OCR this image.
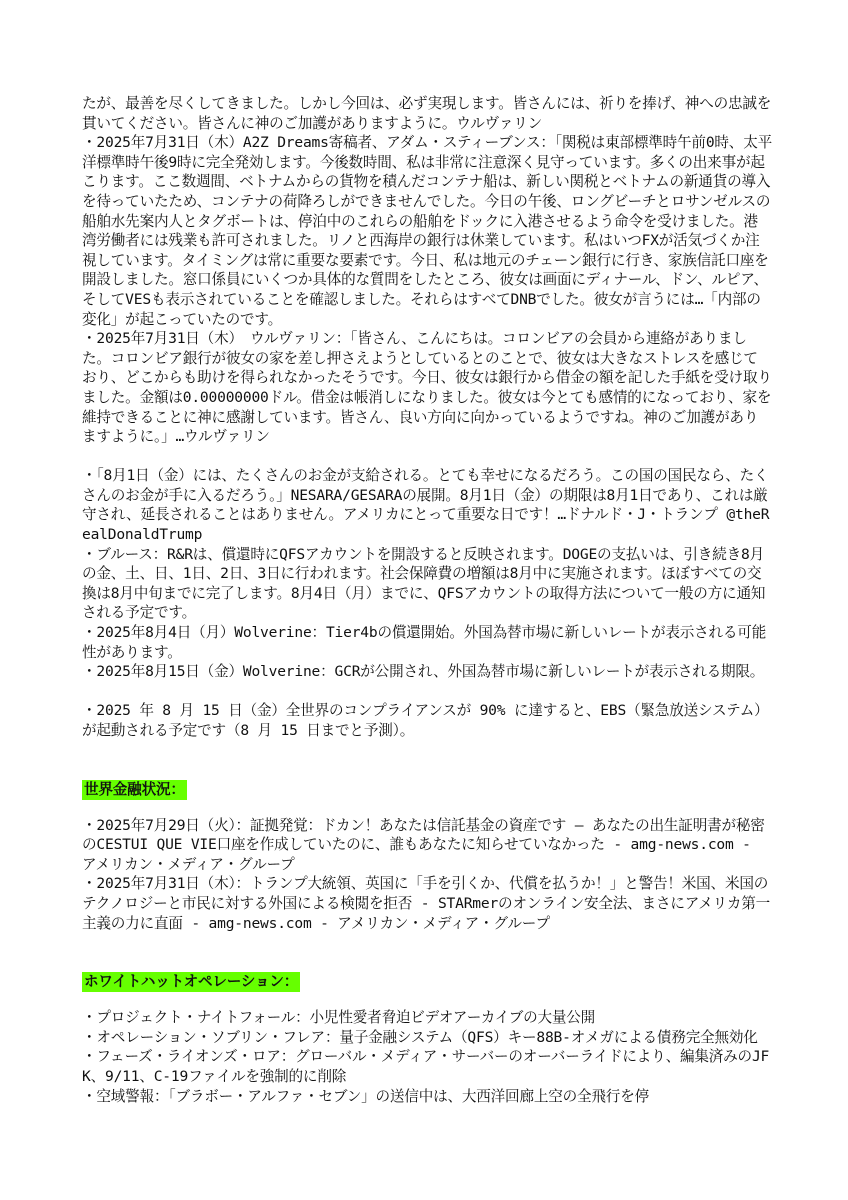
たが、最善を尽くしてきました。しかし今回は、必ず実現します。皆さんには、祈りを捧げ、神への忠誠を貫いてください。皆さんに神のご加護がありますように。ウルヴァリン

・2025年7月31日（木）A2Z Dreams寄稿者、アダム・スティーブンス：「関税は東部標準時午前0時、太平洋標準時午後9時に完全発効します。今後数時間、私は非常に注意深く見守っています。多くの出来事が起こります。ここ数週間、ベトナムからの貨物を積んだコンテナ船は、新しい関税とベトナムの新通貨の導入を待っていたため、コンテナの荷降ろしができませんでした。今日の午後、ロングビーチとロサンゼルスの船舶水先案内人とタグボートは、停泊中のこれらの船舶をドックに入港させるよう命令を受けました。港湾労働者には残業も許可されました。リノと西海岸の銀行は休業しています。私はいつFXが活気づくか注視しています。タイミングは常に重要な要素です。今日、私は地元のチェーン銀行に行き、家族信託口座を開設しました。窓口係員にいくつか具体的な質問をしたところ、彼女は画面にディナール、ドン、ルピア、そしてVESも表示されていることを確認しました。それらはすべてDNBでした。彼女が言うには…「内部の変化」が起こっていたのです。

・2025年7月31日（木）　ウルヴァリン：「皆さん、こんにちは。コロンビアの会員から連絡がありました。コロンビア銀行が彼女の家を差し押さえようとしているとのことで、彼女は大きなストレスを感じており、どこからも助けを得られなかったそうです。今日、彼女は銀行から借金の額を記した手紙を受け取りました。金額は0.00000000ドル。借金は帳消しになりました。彼女は今とても感情的になっており、家を維持できることに神に感謝しています。皆さん、良い方向に向かっているようですね。神のご加護がありますように。」…ウルヴァリン

・「8月1日（金）には、たくさんのお金が支給される。とても幸せになるだろう。この国の国民なら、たくさんのお金が手に入るだろう。」NESARA/GESARAの展開。8月1日（金）の期限は8月1日であり、これは厳守され、延長されることはありません。アメリカにとって重要な日です！…ドナルド・J・トランプ @theRealDonaldTrump

・ブルース：R&Rは、償還時にQFSアカウントを開設すると反映されます。DOGEの支払いは、引き続き8月の金、土、日、1日、2日、3日に行われます。社会保障費の増額は8月中に実施されます。ほぼすべての交換は8月中旬までに完了します。8月4日（月）までに、QFSアカウントの取得方法について一般の方に通知される予定です。

・2025年8月4日（月）Wolverine：Tier4bの償還開始。外国為替市場に新しいレートが表示される可能性があります。

・2025年8月15日（金）Wolverine：GCRが公開され、外国為替市場に新しいレートが表示される期限。

・2025 年 8 月 15 日（金）全世界のコンプライアンスが 90% に達すると、EBS（緊急放送システム）が起動される予定です（8 月 15 日までと予測）。

世界金融状況：

・2025年7月29日（火）：証拠発覚：ドカン！あなたは信託基金の資産です — あなたの出生証明書が秘密のCESTUI QUE VIE口座を作成していたのに、誰もあなたに知らせていなかった - amg-news.com - アメリカン・メディア・グループ

・2025年7月31日（木）：トランプ大統領、英国に「手を引くか、代償を払うか！」と警告！米国、米国のテクノロジーと市民に対する外国による検閲を拒否 - STARmerのオンライン安全法、まさにアメリカ第一主義の力に直面 - amg-news.com - アメリカン・メディア・グループ

ホワイトハットオペレーション：

・プロジェクト・ナイトフォール：小児性愛者脅迫ビデオアーカイブの大量公開

・オペレーション・ソブリン・フレア：量子金融システム（QFS）キー88B-オメガによる債務完全無効化

・フェーズ・ライオンズ・ロア：グローバル・メディア・サーバーのオーバーライドにより、編集済みのJFK、9/11、C-19ファイルを強制的に削除

・空域警報：「ブラボー・アルファ・セブン」の送信中は、大西洋回廊上空の全飛行を停
